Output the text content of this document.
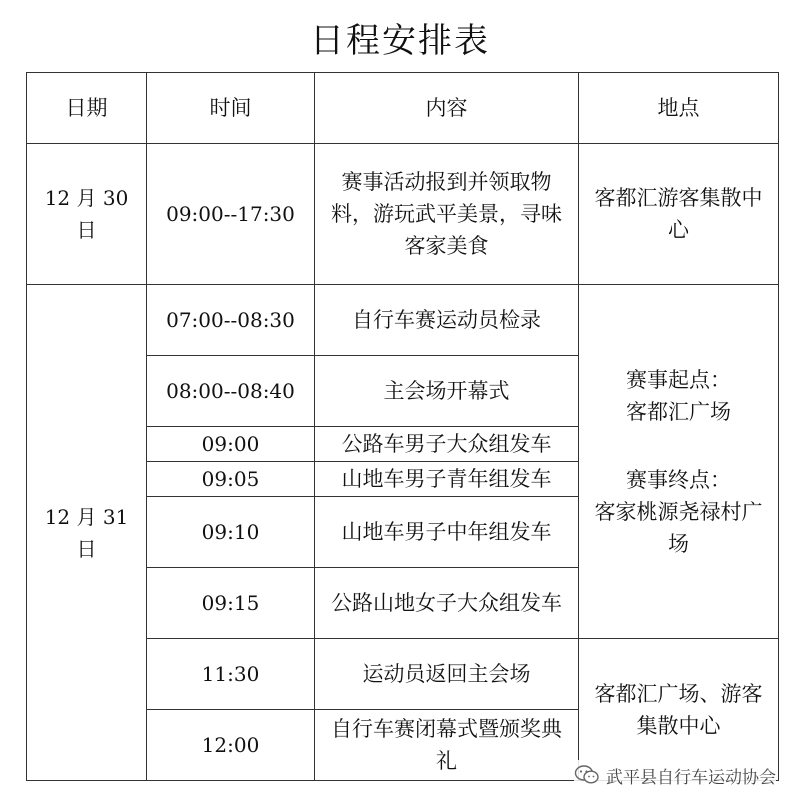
日程安排表
日期	时间	内容	地点
12 月 30 日	09:00--17:30	赛事活动报到并领取物料，游玩武平美景，寻味客家美食	客都汇游客集散中心
12 月 31 日	07:00--08:30	自行车赛运动员检录	赛事起点：
客都汇广场
赛事终点：
客家桃源尧禄村广场

	08:00--08:40	主会场开幕式	
	09:00	公路车男子大众组发车	
	09:05	山地车男子青年组发车	
	09:10	山地车男子中年组发车	
	09:15	公路山地女子大众组发车	
	11:30	运动员返回主会场	客都汇广场、游客集散中心
	12:00	自行车赛闭幕式暨颁奖典礼	
武平县自行车运动协会
